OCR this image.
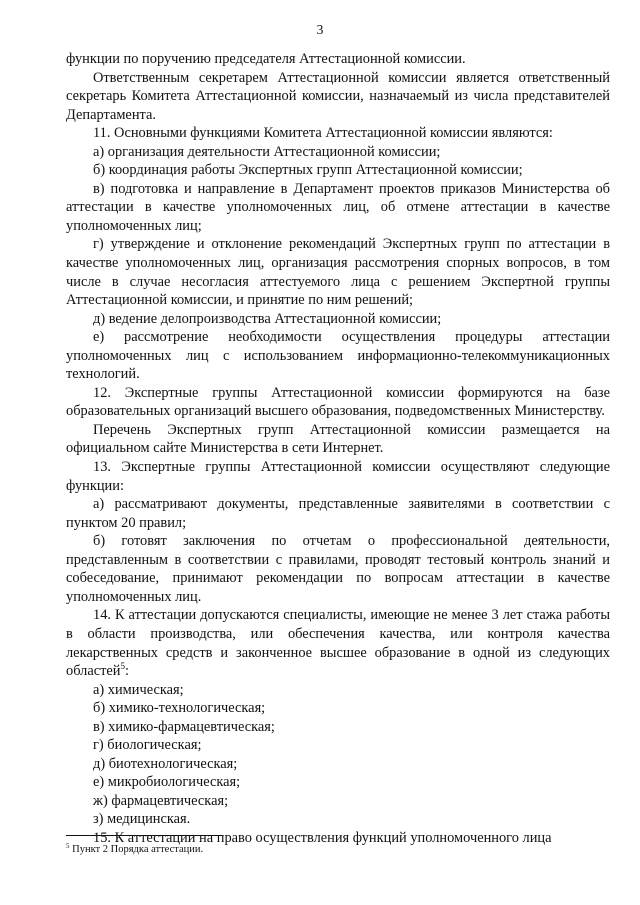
3

функции по поручению председателя Аттестационной комиссии.

Ответственным секретарем Аттестационной комиссии является ответственный секретарь Комитета Аттестационной комиссии, назначаемый из числа представителей Департамента.

11. Основными функциями Комитета Аттестационной комиссии являются:

а) организация деятельности Аттестационной комиссии;

б) координация работы Экспертных групп Аттестационной комиссии;

в) подготовка и направление в Департамент проектов приказов Министерства об аттестации в качестве уполномоченных лиц, об отмене аттестации в качестве уполномоченных лиц;

г) утверждение и отклонение рекомендаций Экспертных групп по аттестации в качестве уполномоченных лиц, организация рассмотрения спорных вопросов, в том числе в случае несогласия аттестуемого лица с решением Экспертной группы Аттестационной комиссии, и принятие по ним решений;

д) ведение делопроизводства Аттестационной комиссии;

е) рассмотрение необходимости осуществления процедуры аттестации уполномоченных лиц с использованием информационно-телекоммуникационных технологий.

12. Экспертные группы Аттестационной комиссии формируются на базе образовательных организаций высшего образования, подведомственных Министерству.

Перечень Экспертных групп Аттестационной комиссии размещается на официальном сайте Министерства в сети Интернет.

13. Экспертные группы Аттестационной комиссии осуществляют следующие функции:

а) рассматривают документы, представленные заявителями в соответствии с пунктом 20 правил;

б) готовят заключения по отчетам о профессиональной деятельности, представленным в соответствии с правилами, проводят тестовый контроль знаний и собеседование, принимают рекомендации по вопросам аттестации в качестве уполномоченных лиц.

14. К аттестации допускаются специалисты, имеющие не менее 3 лет стажа работы в области производства, или обеспечения качества, или контроля качества лекарственных средств и законченное высшее образование в одной из следующих областей$^5$:

а) химическая;

б) химико-технологическая;

в) химико-фармацевтическая;

г) биологическая;

д) биотехнологическая;

е) микробиологическая;

ж) фармацевтическая;

з) медицинская.

15. К аттестации на право осуществления функций уполномоченного лица

$^5$ Пункт 2 Порядка аттестации.
